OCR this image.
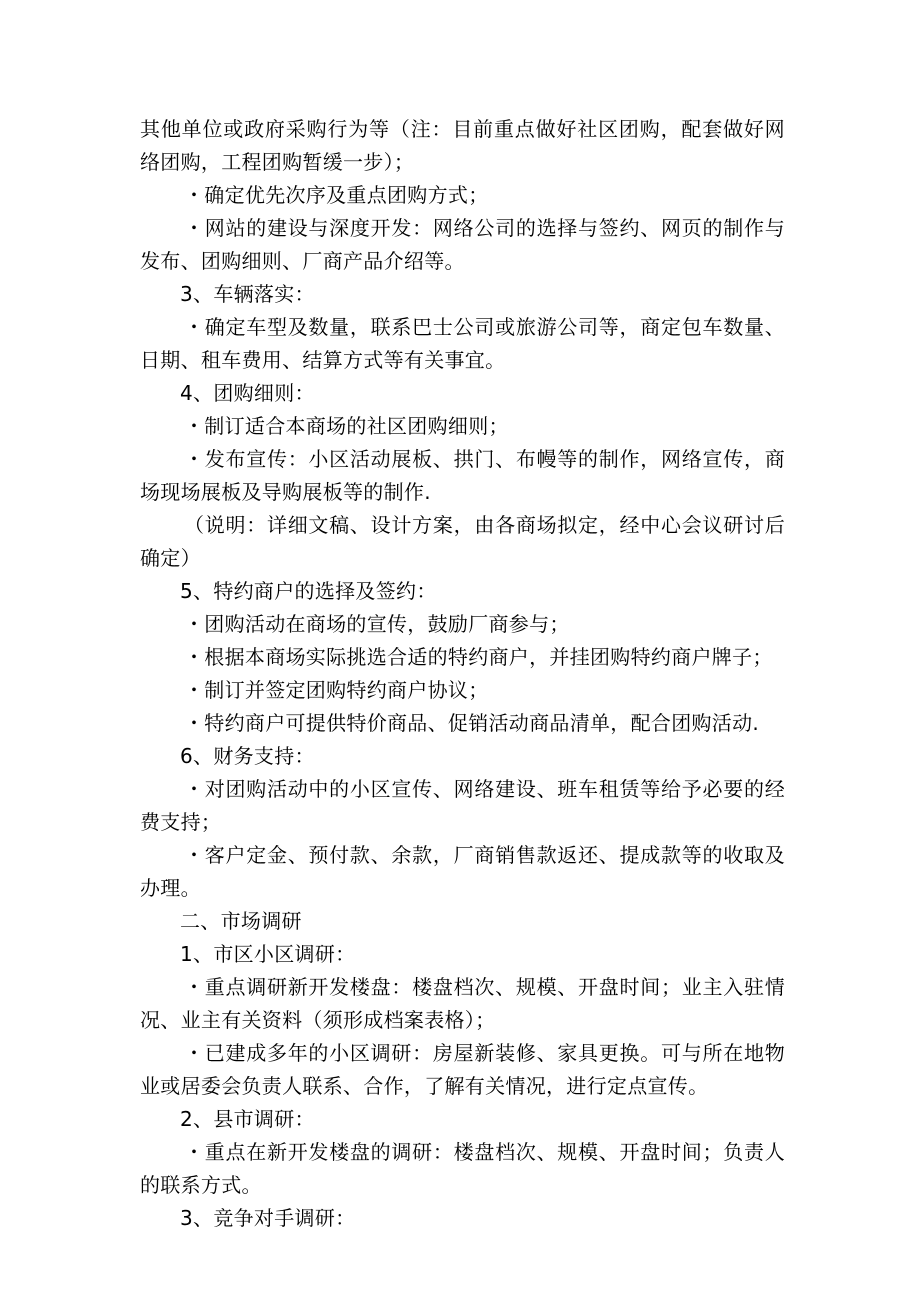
其他单位或政府采购行为等（注：目前重点做好社区团购，配套做好网络团购，工程团购暂缓一步）；

・确定优先次序及重点团购方式；

・网站的建设与深度开发：网络公司的选择与签约、网页的制作与发布、团购细则、厂商产品介绍等。

3、车辆落实：

・确定车型及数量，联系巴士公司或旅游公司等，商定包车数量、日期、租车费用、结算方式等有关事宜。

4、团购细则：

・制订适合本商场的社区团购细则；

・发布宣传：小区活动展板、拱门、布幔等的制作，网络宣传，商场现场展板及导购展板等的制作.

（说明：详细文稿、设计方案，由各商场拟定，经中心会议研讨后确定）

5、特约商户的选择及签约：

・团购活动在商场的宣传，鼓励厂商参与；

・根据本商场实际挑选合适的特约商户，并挂团购特约商户牌子；

・制订并签定团购特约商户协议；

・特约商户可提供特价商品、促销活动商品清单，配合团购活动.

6、财务支持：

・对团购活动中的小区宣传、网络建设、班车租赁等给予必要的经费支持；

・客户定金、预付款、余款，厂商销售款返还、提成款等的收取及办理。

二、市场调研

1、市区小区调研：

・重点调研新开发楼盘：楼盘档次、规模、开盘时间；业主入驻情况、业主有关资料（须形成档案表格）；

・已建成多年的小区调研：房屋新装修、家具更换。可与所在地物业或居委会负责人联系、合作，了解有关情况，进行定点宣传。

2、县市调研：

・重点在新开发楼盘的调研：楼盘档次、规模、开盘时间；负责人的联系方式。

3、竞争对手调研：
